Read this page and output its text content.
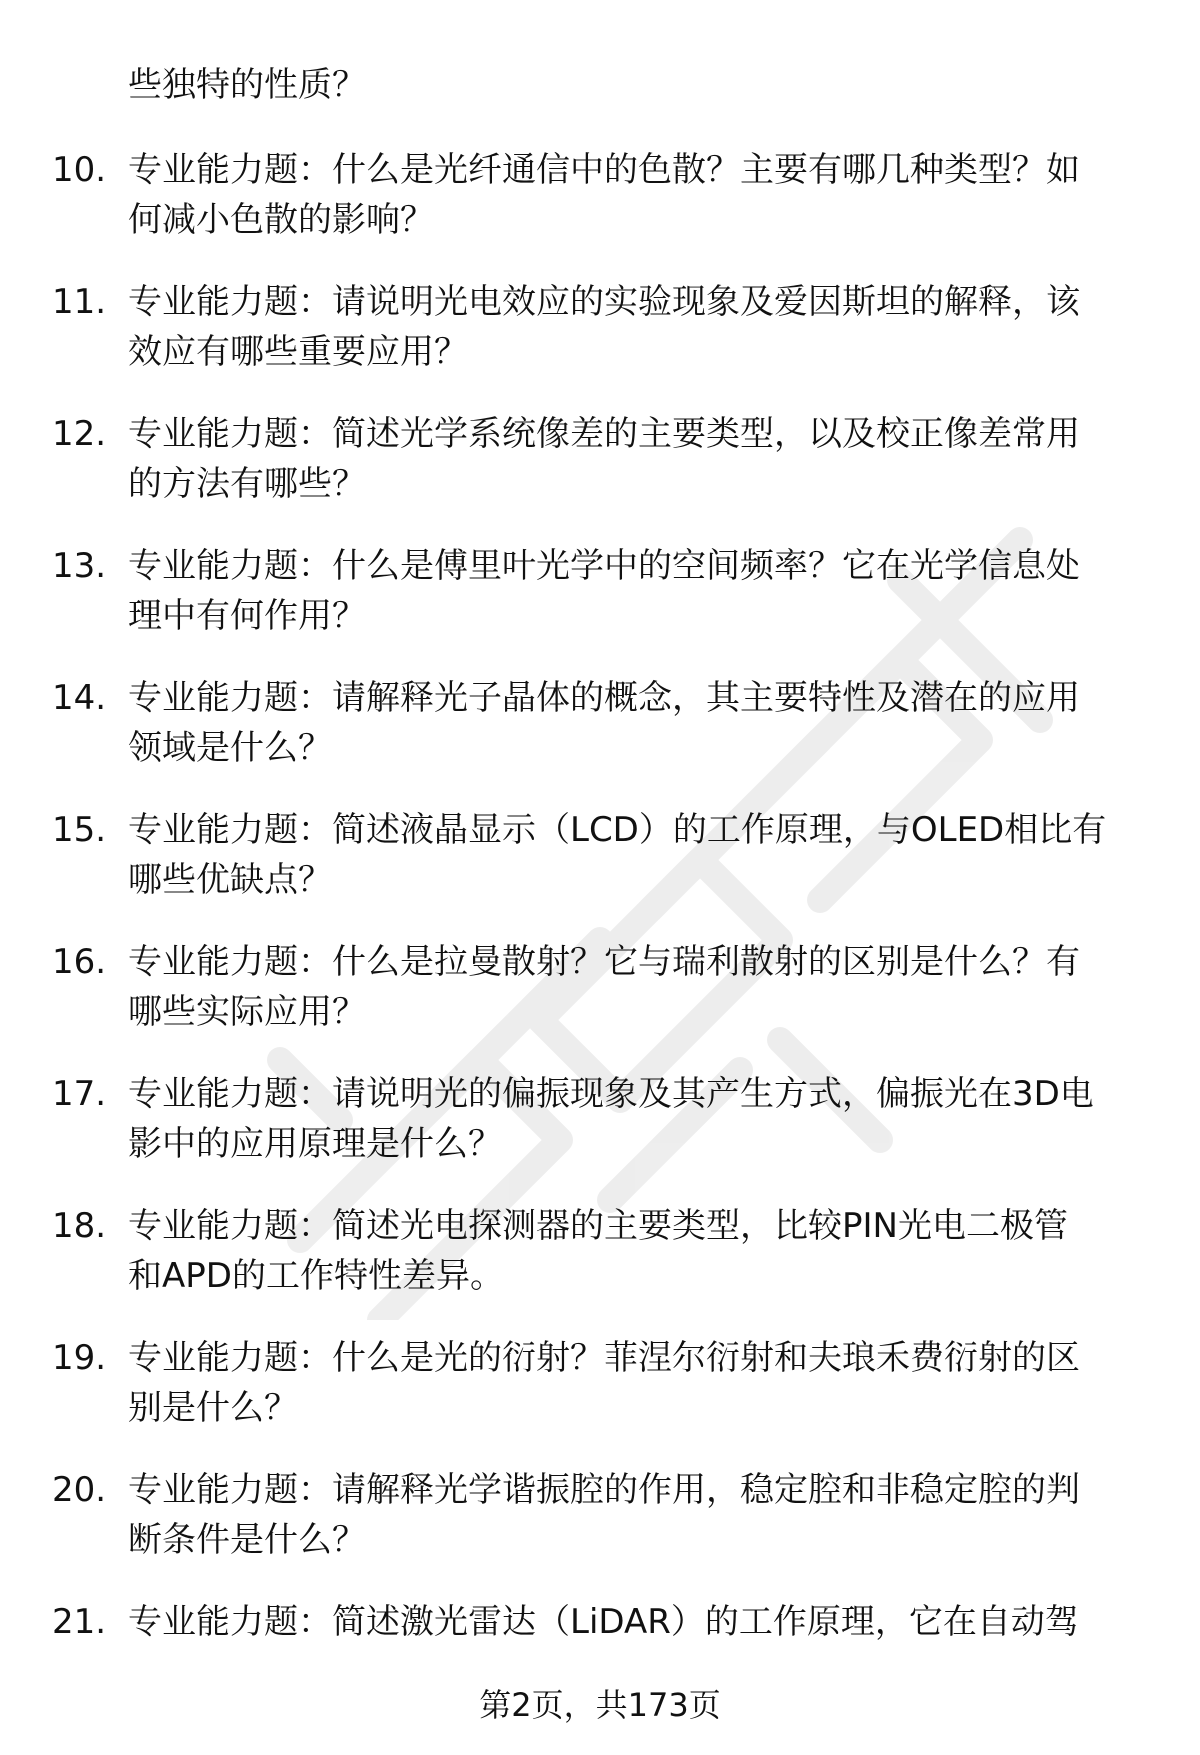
些独特的性质？
10. 专业能力题：什么是光纤通信中的色散？主要有哪几种类型？如
何减小色散的影响？
11. 专业能力题：请说明光电效应的实验现象及爱因斯坦的解释，该
效应有哪些重要应用？
12. 专业能力题：简述光学系统像差的主要类型，以及校正像差常用
的方法有哪些？
13. 专业能力题：什么是傅里叶光学中的空间频率？它在光学信息处
理中有何作用？
14. 专业能力题：请解释光子晶体的概念，其主要特性及潜在的应用
领域是什么？
15. 专业能力题：简述液晶显示（LCD）的工作原理，与OLED相比有
哪些优缺点？
16. 专业能力题：什么是拉曼散射？它与瑞利散射的区别是什么？有
哪些实际应用？
17. 专业能力题：请说明光的偏振现象及其产生方式，偏振光在3D电
影中的应用原理是什么？
18. 专业能力题：简述光电探测器的主要类型，比较PIN光电二极管
和APD的工作特性差异。
19. 专业能力题：什么是光的衍射？菲涅尔衍射和夫琅禾费衍射的区
别是什么？
20. 专业能力题：请解释光学谐振腔的作用，稳定腔和非稳定腔的判
断条件是什么？
21. 专业能力题：简述激光雷达（LiDAR）的工作原理，它在自动驾
第2页，共173页
